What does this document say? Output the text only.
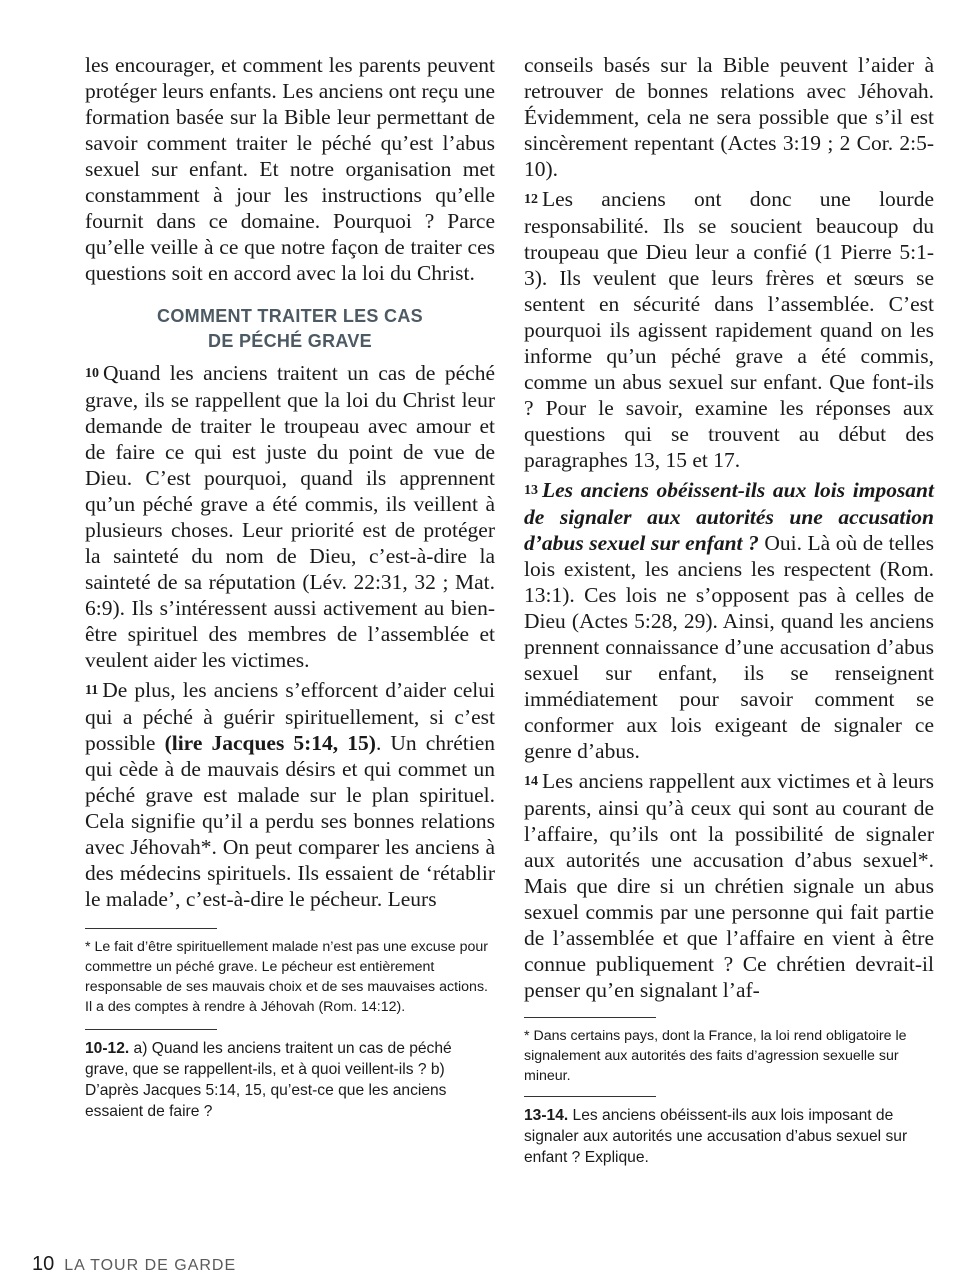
les encourager, et comment les parents peuvent protéger leurs enfants. Les anciens ont reçu une formation basée sur la Bible leur permettant de savoir comment traiter le péché qu’est l’abus sexuel sur enfant. Et notre organisation met constamment à jour les instructions qu’elle fournit dans ce domaine. Pourquoi ? Parce qu’elle veille à ce que notre façon de traiter ces questions soit en accord avec la loi du Christ.

COMMENT TRAITER LES CAS
DE PÉCHÉ GRAVE

10 Quand les anciens traitent un cas de péché grave, ils se rappellent que la loi du Christ leur demande de traiter le troupeau avec amour et de faire ce qui est juste du point de vue de Dieu. C’est pourquoi, quand ils apprennent qu’un péché grave a été commis, ils veillent à plusieurs choses. Leur priorité est de protéger la sainteté du nom de Dieu, c’est-à-dire la sainteté de sa réputation (Lév. 22:31, 32 ; Mat. 6:9). Ils s’intéressent aussi activement au bien-être spirituel des membres de l’assemblée et veulent aider les victimes.

11 De plus, les anciens s’efforcent d’aider celui qui a péché à guérir spirituellement, si c’est possible (lire Jacques 5:14, 15). Un chrétien qui cède à de mauvais désirs et qui commet un péché grave est malade sur le plan spirituel. Cela signifie qu’il a perdu ses bonnes relations avec Jéhovah*. On peut comparer les anciens à des médecins spirituels. Ils essaient de ‘rétablir le malade’, c’est-à-dire le pécheur. Leurs

* Le fait d’être spirituellement malade n’est pas une excuse pour commettre un péché grave. Le pécheur est entièrement responsable de ses mauvais choix et de ses mauvaises actions. Il a des comptes à rendre à Jéhovah (Rom. 14:12).

10-12. a) Quand les anciens traitent un cas de péché grave, que se rappellent-ils, et à quoi veillent-ils ? b) D’après Jacques 5:14, 15, qu’est-ce que les anciens essaient de faire ?

conseils basés sur la Bible peuvent l’aider à retrouver de bonnes relations avec Jéhovah. Évidemment, cela ne sera possible que s’il est sincèrement repentant (Actes 3:19 ; 2 Cor. 2:5-10).

12 Les anciens ont donc une lourde responsabilité. Ils se soucient beaucoup du troupeau que Dieu leur a confié (1 Pierre 5:1-3). Ils veulent que leurs frères et sœurs se sentent en sécurité dans l’assemblée. C’est pourquoi ils agissent rapidement quand on les informe qu’un péché grave a été commis, comme un abus sexuel sur enfant. Que font-ils ? Pour le savoir, examine les réponses aux questions qui se trouvent au début des paragraphes 13, 15 et 17.

13 Les anciens obéissent-ils aux lois imposant de signaler aux autorités une accusation d’abus sexuel sur enfant ? Oui. Là où de telles lois existent, les anciens les respectent (Rom. 13:1). Ces lois ne s’opposent pas à celles de Dieu (Actes 5:28, 29). Ainsi, quand les anciens prennent connaissance d’une accusation d’abus sexuel sur enfant, ils se renseignent immédiatement pour savoir comment se conformer aux lois exigeant de signaler ce genre d’abus.

14 Les anciens rappellent aux victimes et à leurs parents, ainsi qu’à ceux qui sont au courant de l’affaire, qu’ils ont la possibilité de signaler aux autorités une accusation d’abus sexuel*. Mais que dire si un chrétien signale un abus sexuel commis par une personne qui fait partie de l’assemblée et que l’affaire en vient à être connue publiquement ? Ce chrétien devrait-il penser qu’en signalant l’af-

* Dans certains pays, dont la France, la loi rend obligatoire le signalement aux autorités des faits d’agression sexuelle sur mineur.

13-14. Les anciens obéissent-ils aux lois imposant de signaler aux autorités une accusation d’abus sexuel sur enfant ? Explique.

10 LA TOUR DE GARDE
